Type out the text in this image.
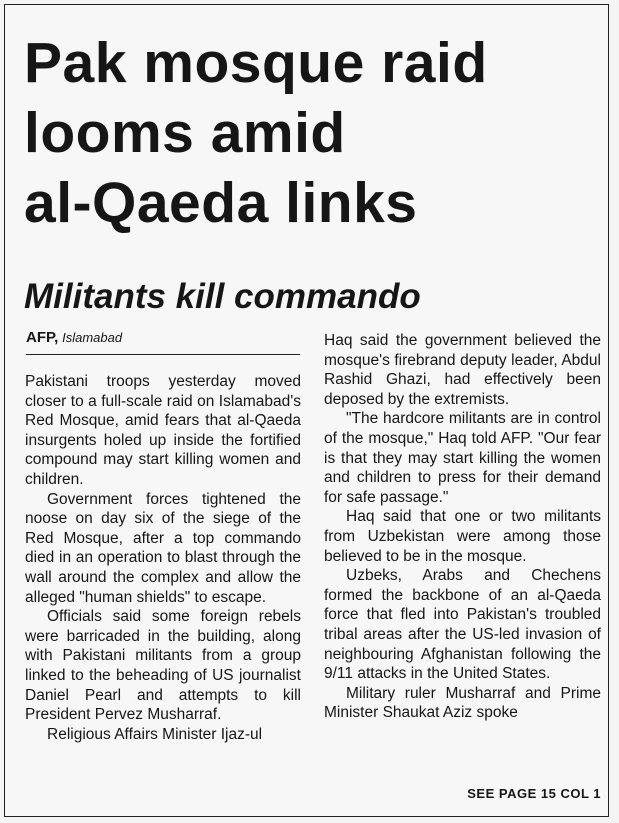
Pak mosque raid
looms amid
al-Qaeda links
Militants kill commando
AFP, Islamabad

Pakistani troops yesterday moved closer to a full-scale raid on Islamabad's Red Mosque, amid fears that al-Qaeda insurgents holed up inside the fortified compound may start killing women and children.

Government forces tightened the noose on day six of the siege of the Red Mosque, after a top commando died in an operation to blast through the wall around the complex and allow the alleged "human shields" to escape.

Officials said some foreign rebels were barricaded in the building, along with Pakistani militants from a group linked to the beheading of US journalist Daniel Pearl and attempts to kill President Pervez Musharraf.

Religious Affairs Minister Ijaz-ul

Haq said the government believed the mosque's firebrand deputy leader, Abdul Rashid Ghazi, had effectively been deposed by the extremists.

"The hardcore militants are in control of the mosque," Haq told AFP. "Our fear is that they may start killing the women and children to press for their demand for safe passage."

Haq said that one or two militants from Uzbekistan were among those believed to be in the mosque.

Uzbeks, Arabs and Chechens formed the backbone of an al-Qaeda force that fled into Pakistan's troubled tribal areas after the US-led invasion of neighbouring Afghanistan following the 9/11 attacks in the United States.

Military ruler Musharraf and Prime Minister Shaukat Aziz spoke

SEE PAGE 15 COL 1
